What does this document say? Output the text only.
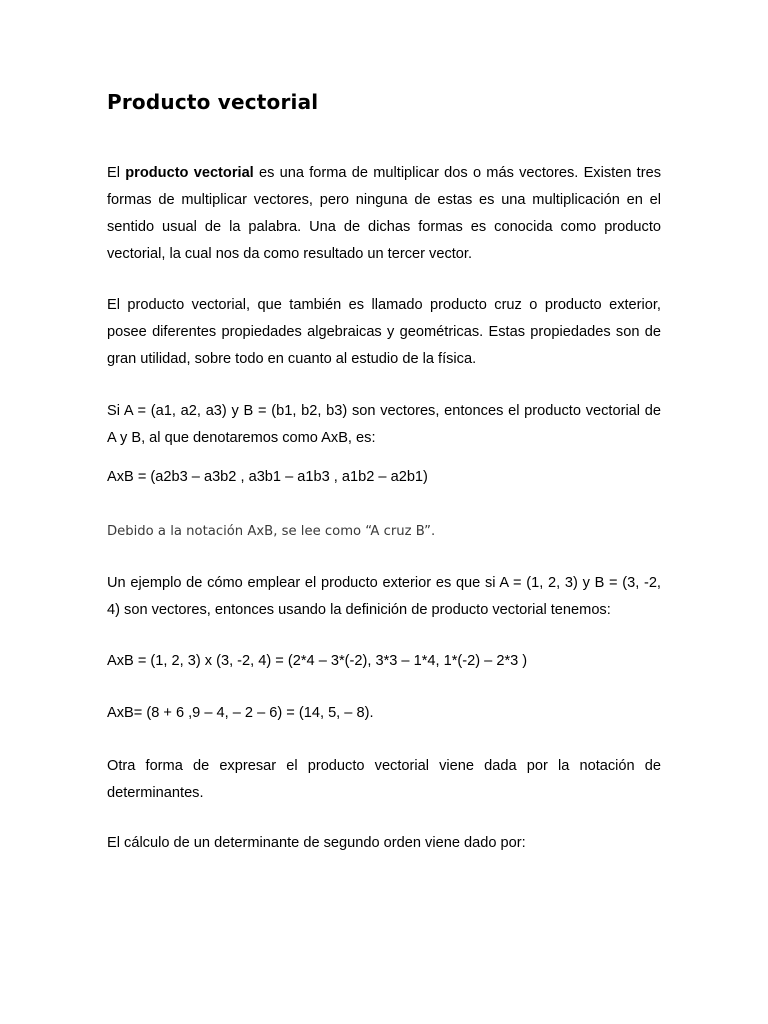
Producto vectorial

El producto vectorial es una forma de multiplicar dos o más vectores. Existen tres formas de multiplicar vectores, pero ninguna de estas es una multiplicación en el sentido usual de la palabra. Una de dichas formas es conocida como producto vectorial, la cual nos da como resultado un tercer vector.

El producto vectorial, que también es llamado producto cruz o producto exterior, posee diferentes propiedades algebraicas y geométricas. Estas propiedades son de gran utilidad, sobre todo en cuanto al estudio de la física.

Si A = (a1, a2, a3) y B = (b1, b2, b3) son vectores, entonces el producto vectorial de A y B, al que denotaremos como AxB, es:

AxB = (a2b3 – a3b2 , a3b1 – a1b3 , a1b2 – a2b1)

Debido a la notación AxB, se lee como “A cruz B”.

Un ejemplo de cómo emplear el producto exterior es que si A = (1, 2, 3) y B = (3, -2, 4) son vectores, entonces usando la definición de producto vectorial tenemos:

AxB = (1, 2, 3) x (3, -2, 4) = (2*4 – 3*(-2), 3*3 – 1*4, 1*(-2) – 2*3 )

AxB= (8 + 6 ,9 – 4, – 2 – 6) = (14, 5, – 8).

Otra forma de expresar el producto vectorial viene dada por la notación de determinantes.

El cálculo de un determinante de segundo orden viene dado por:
